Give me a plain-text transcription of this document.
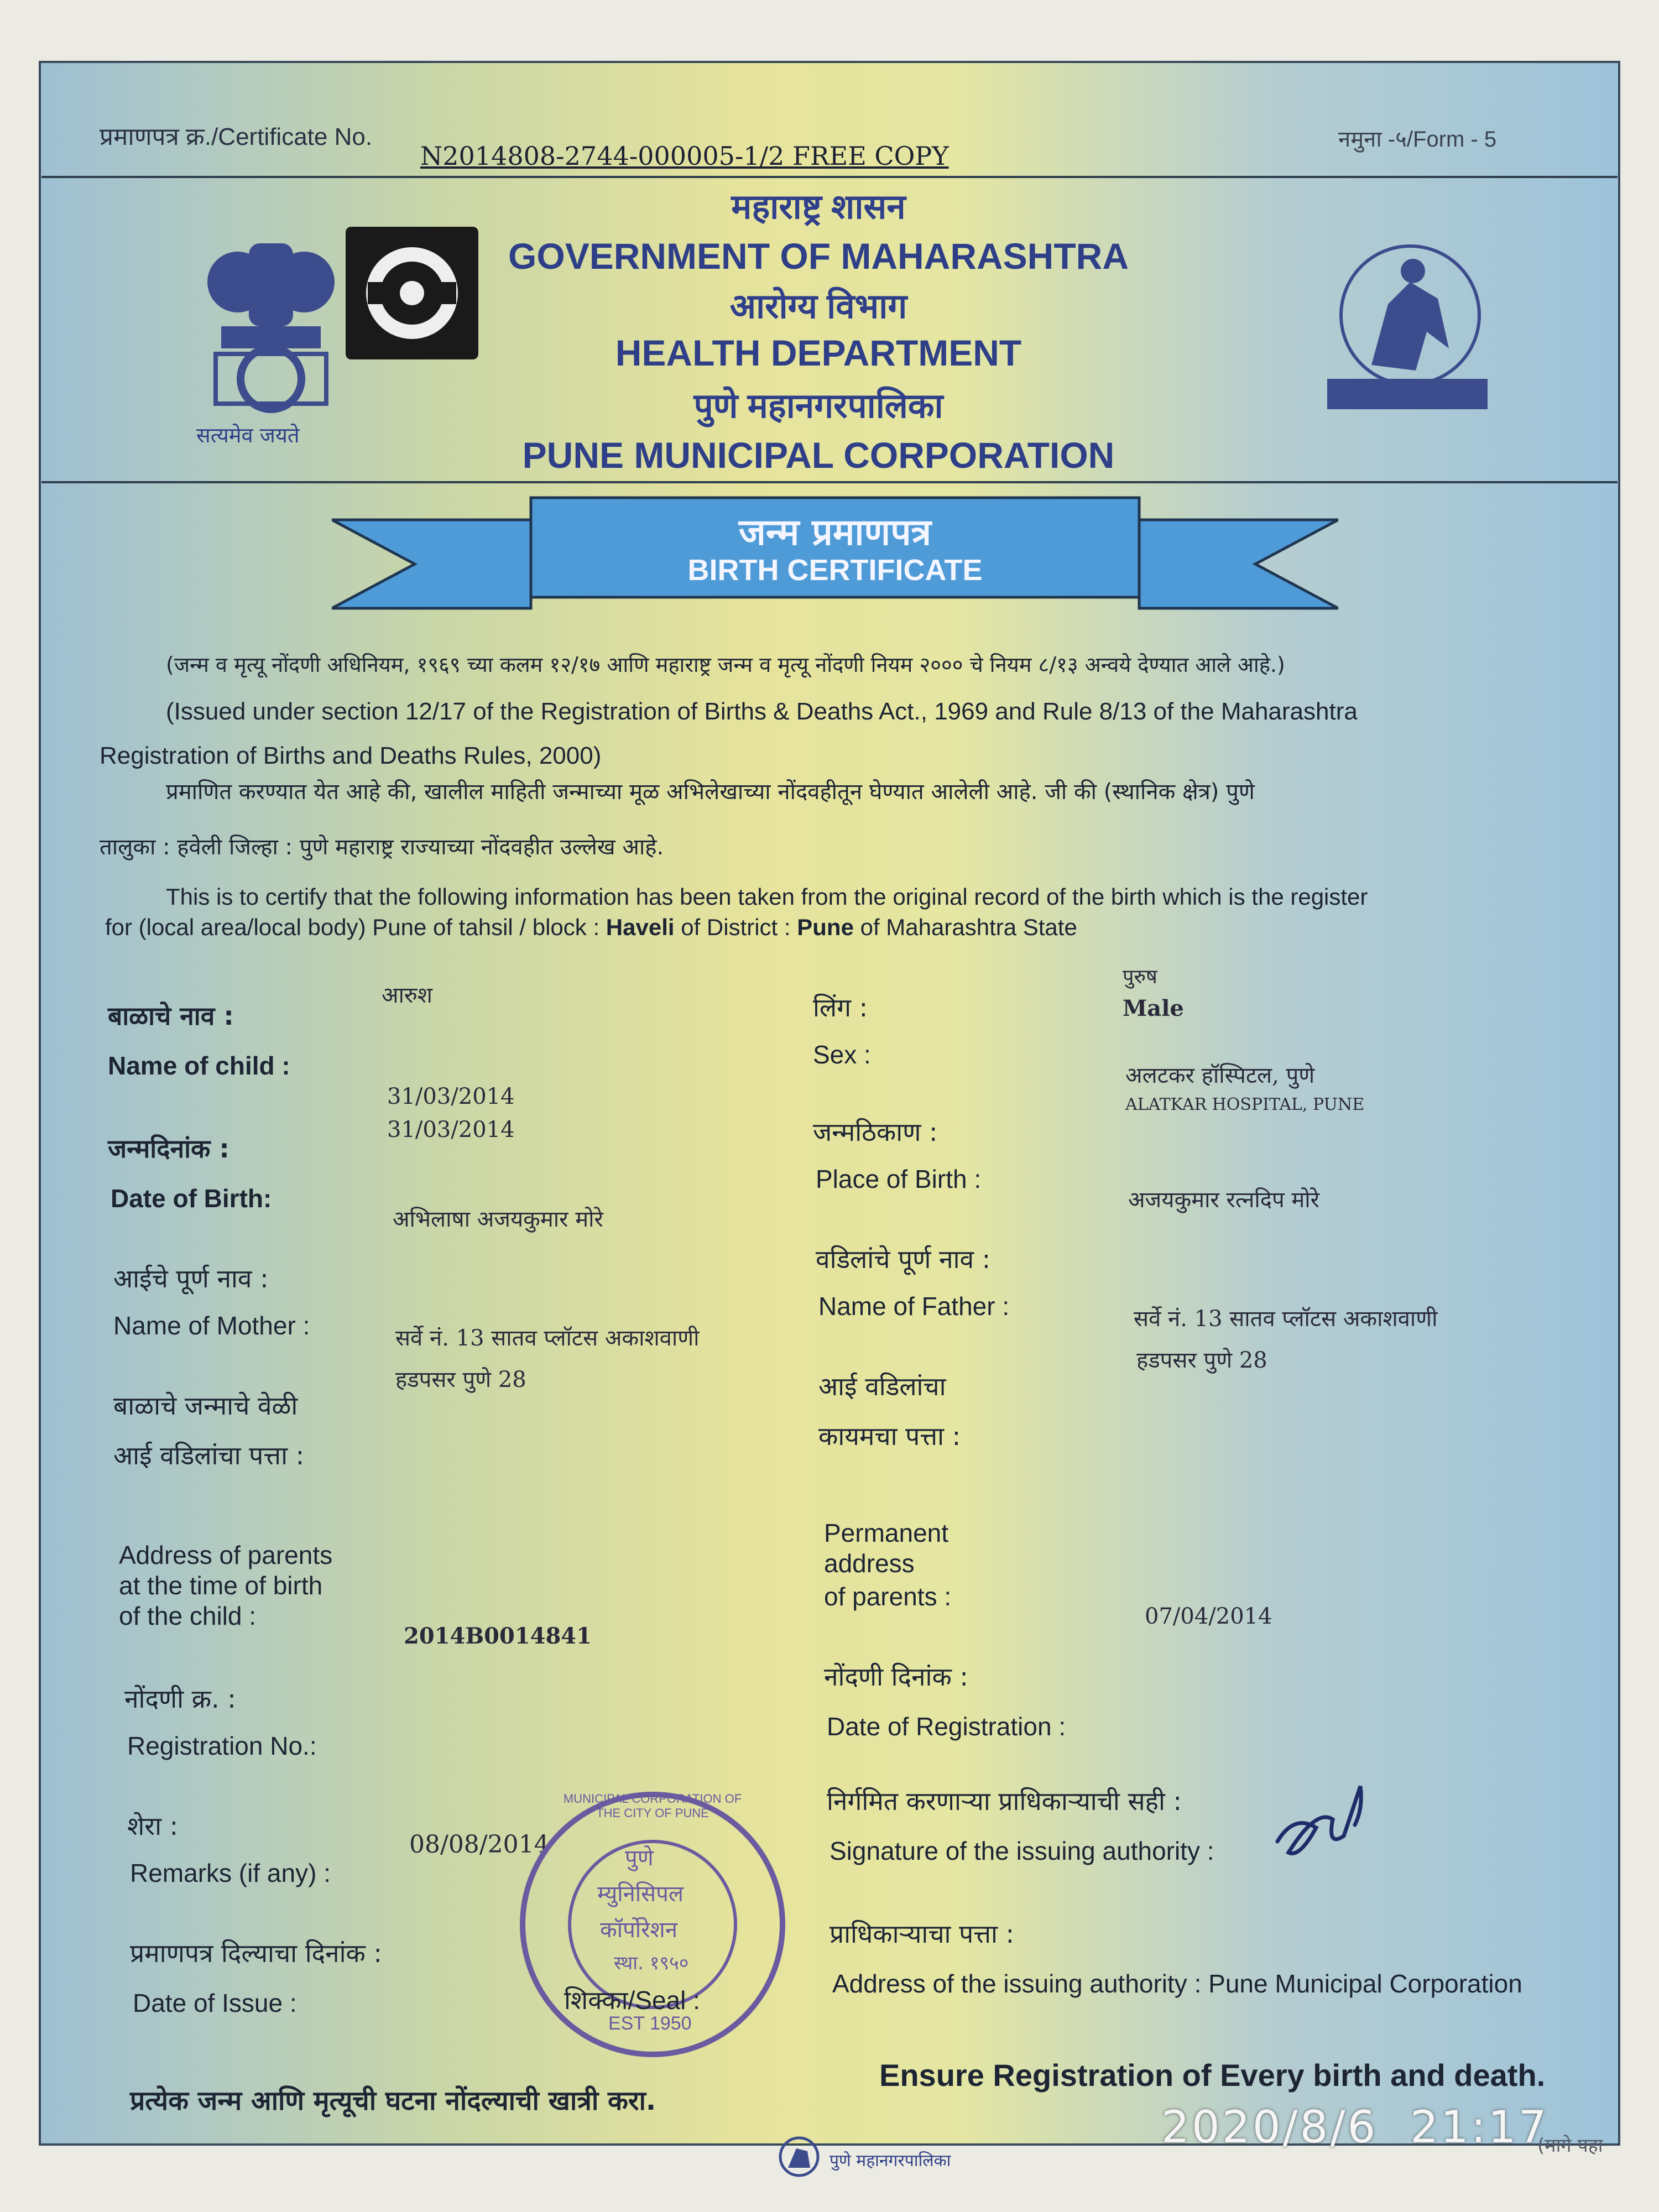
प्रमाणपत्र क्र./Certificate No.
N2014808-2744-000005-1/2 FREE COPY
नमुना -५/Form - 5
सत्यमेव जयते
महाराष्ट्र शासन
GOVERNMENT OF MAHARASHTRA
आरोग्य विभाग
HEALTH DEPARTMENT
पुणे महानगरपालिका
PUNE MUNICIPAL CORPORATION
जन्म प्रमाणपत्र
BIRTH CERTIFICATE
(जन्म व मृत्यू नोंदणी अधिनियम, १९६९ च्या कलम १२/१७ आणि महाराष्ट्र जन्म व मृत्यू नोंदणी नियम २००० चे नियम ८/१३ अन्वये देण्यात आले आहे.)
(Issued under section 12/17 of the Registration of Births & Deaths Act., 1969 and Rule 8/13 of the Maharashtra
Registration of Births and Deaths Rules, 2000)
प्रमाणित करण्यात येत आहे की, खालील माहिती जन्माच्या मूळ अभिलेखाच्या नोंदवहीतून घेण्यात आलेली आहे. जी की (स्थानिक क्षेत्र) पुणे
तालुका : हवेली जिल्हा : पुणे महाराष्ट्र राज्याच्या नोंदवहीत उल्लेख आहे.
This is to certify that the following information has been taken from the original record of the birth which is the register
for (local area/local body) Pune of tahsil / block : Haveli of District : Pune of Maharashtra State
बाळाचे नाव :
Name of child :
आरुश
31/03/2014
31/03/2014
जन्मदिनांक :
Date of Birth:
अभिलाषा अजयकुमार मोरे
आईचे पूर्ण नाव :
Name of Mother :	सर्वे नं. 13 सातव प्लॉटस अकाशवाणी
हडपसर पुणे 28
बाळाचे जन्माचे वेळी
आई वडिलांचा पत्ता :
Address of parents
at the time of birth
of the child :
2014B0014841
नोंदणी क्र. :
Registration No.:
शेरा :
Remarks (if any) :
08/08/2014
प्रमाणपत्र दिल्याचा दिनांक :
Date of Issue :
पुरुष
Male
लिंग :
Sex :
अलटकर हॉस्पिटल, पुणे
ALATKAR HOSPITAL, PUNE
जन्मठिकाण :
Place of Birth :
अजयकुमार रत्नदिप मोरे
वडिलांचे पूर्ण नाव :
Name of Father :	सर्वे नं. 13 सातव प्लॉटस अकाशवाणी
हडपसर पुणे 28
आई वडिलांचा
कायमचा पत्ता :
Permanent
address
of parents :
07/04/2014
नोंदणी दिनांक :
Date of Registration :
निर्गमित करणाऱ्या प्राधिकाऱ्याची सही :
Signature of the issuing authority :
प्राधिकाऱ्याचा पत्ता :
Address of the issuing authority : Pune Municipal Corporation
पुणे
म्युनिसिपल
कॉर्पोरेशन
स्था. १९५०
MUNICIPAL CORPORATION OF THE CITY OF PUNE
EST 1950
शिक्का/Seal :
प्रत्येक जन्म आणि मृत्यूची घटना नोंदल्याची खात्री करा.
Ensure Registration of Every birth and death.
2020/8/6  21:17
पुणे महानगरपालिका
(मागे पहा
